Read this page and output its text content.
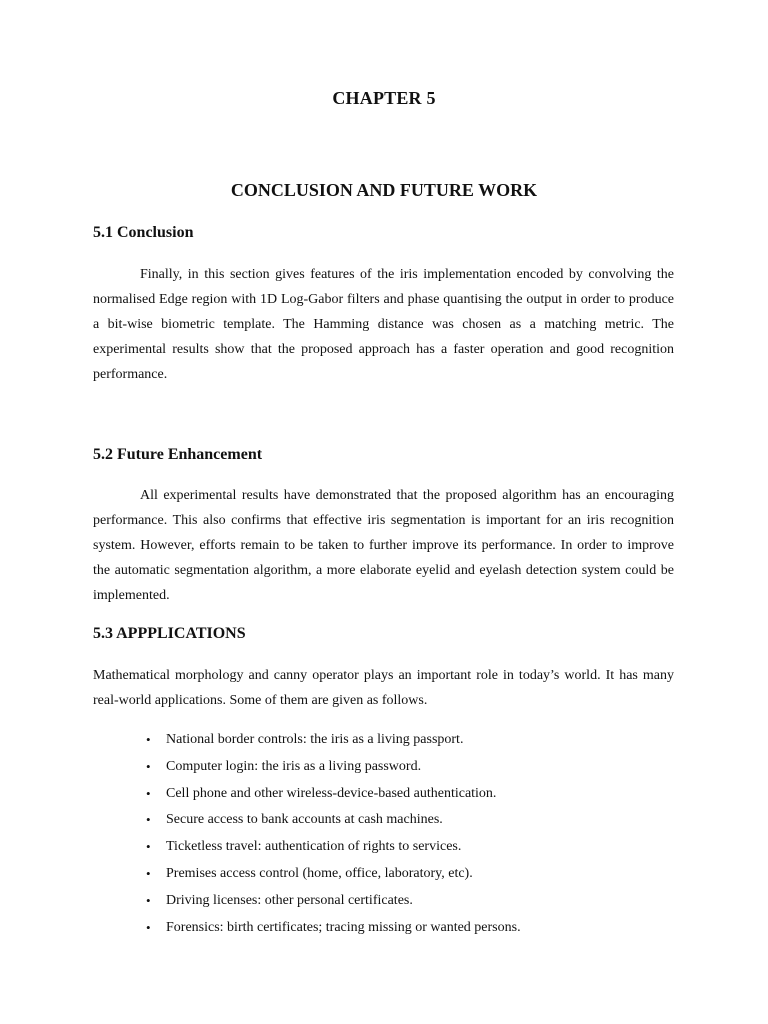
CHAPTER 5
CONCLUSION AND FUTURE WORK
5.1 Conclusion

Finally, in this section gives features of the iris implementation encoded by convolving the normalised Edge region with 1D Log-Gabor filters and phase quantising the output in order to produce a bit-wise biometric template. The Hamming distance was chosen as a matching metric. The experimental results show that the proposed approach has a faster operation and good recognition performance.

5.2 Future Enhancement

All experimental results have demonstrated that the proposed algorithm has an encouraging performance. This also confirms that effective iris segmentation is important for an iris recognition system. However, efforts remain to be taken to further improve its performance. In order to improve the automatic segmentation algorithm, a more elaborate eyelid and eyelash detection system could be implemented.

5.3 APPPLICATIONS

Mathematical morphology and canny operator plays an important role in today’s world. It has many real-world applications. Some of them are given as follows.

• National border controls: the iris as a living passport.
• Computer login: the iris as a living password.
• Cell phone and other wireless-device-based authentication.
• Secure access to bank accounts at cash machines.
• Ticketless travel: authentication of rights to services.
• Premises access control (home, office, laboratory, etc).
• Driving licenses: other personal certificates.
• Forensics: birth certificates; tracing missing or wanted persons.
